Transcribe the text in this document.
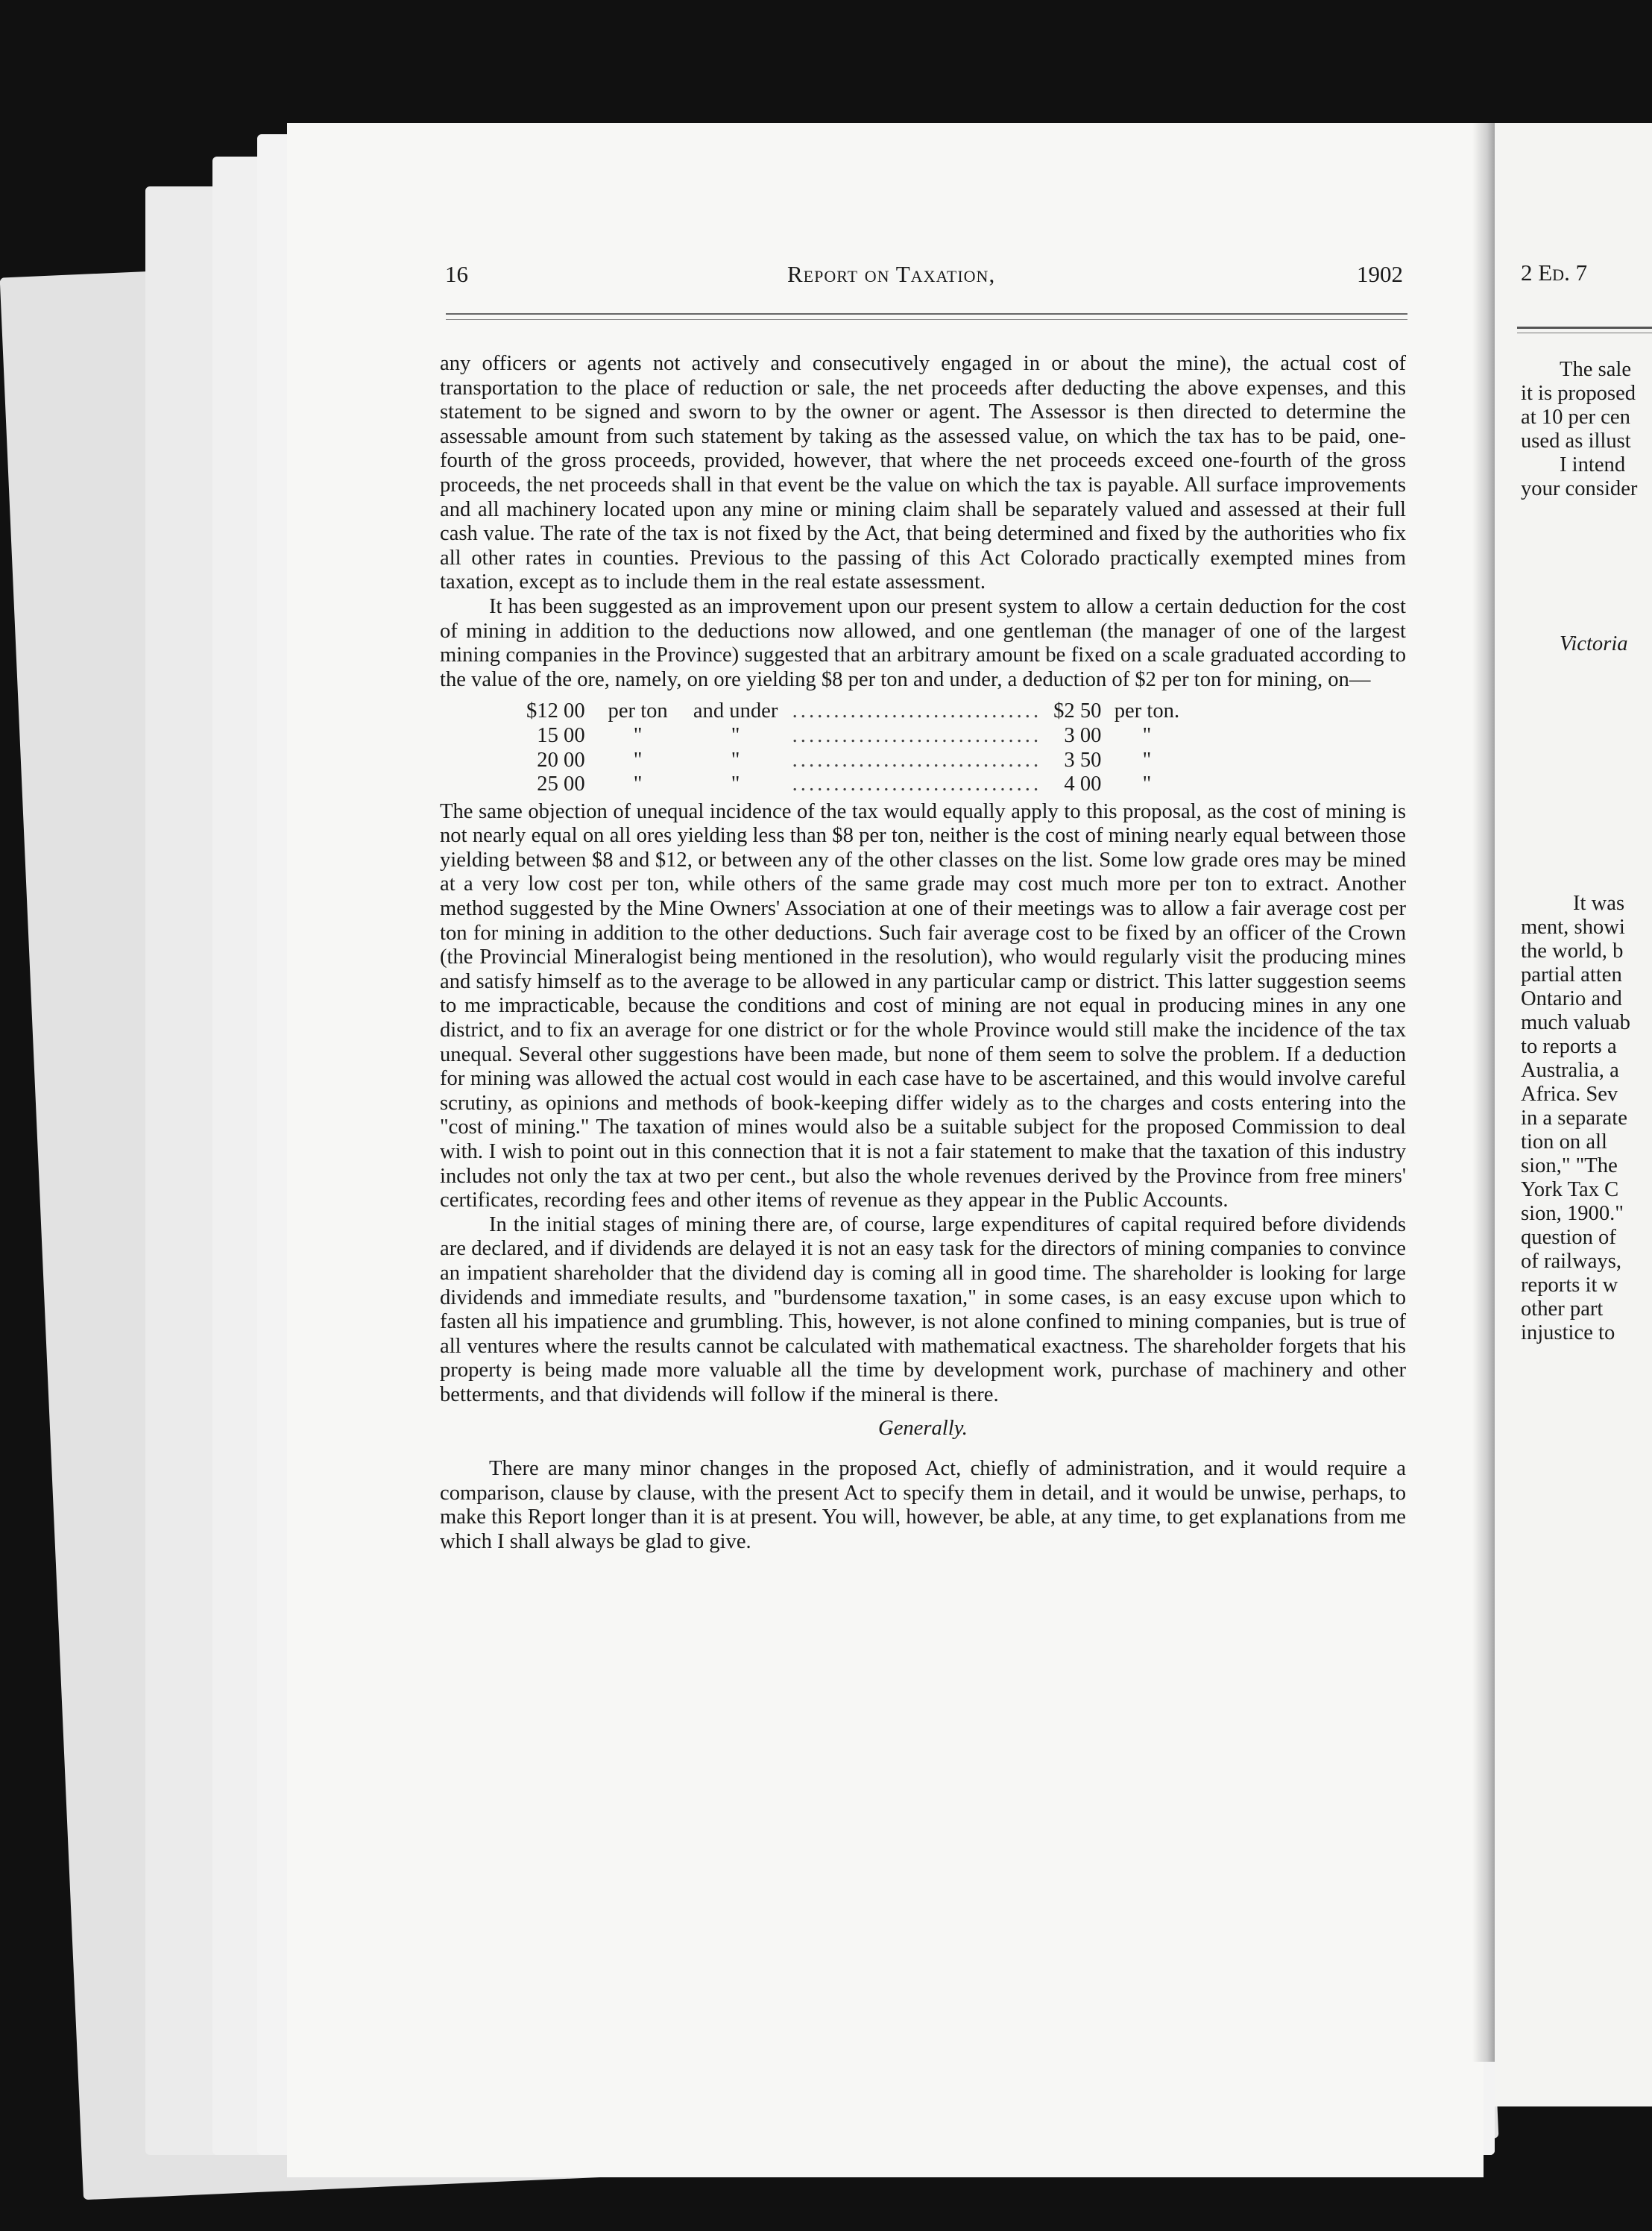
16	Report on Taxation,	1902

any officers or agents not actively and consecutively engaged in or about the mine), the actual cost of transportation to the place of reduction or sale, the net proceeds after deducting the above expenses, and this statement to be signed and sworn to by the owner or agent. The Assessor is then directed to determine the assessable amount from such statement by taking as the assessed value, on which the tax has to be paid, one-fourth of the gross proceeds, provided, however, that where the net proceeds exceed one-fourth of the gross proceeds, the net proceeds shall in that event be the value on which the tax is payable. All surface improvements and all machinery located upon any mine or mining claim shall be separately valued and assessed at their full cash value. The rate of the tax is not fixed by the Act, that being determined and fixed by the authorities who fix all other rates in counties. Previous to the passing of this Act Colorado practically exempted mines from taxation, except as to include them in the real estate assessment.

It has been suggested as an improvement upon our present system to allow a certain deduction for the cost of mining in addition to the deductions now allowed, and one gentleman (the manager of one of the largest mining companies in the Province) suggested that an arbitrary amount be fixed on a scale graduated according to the value of the ore, namely, on ore yielding $8 per ton and under, a deduction of $2 per ton for mining, on—

$12 00	per ton	and under	..............................	$2 50	per ton.
15 00	"	"	..............................	3 00	"
20 00	"	"	..............................	3 50	"
25 00	"	"	..............................	4 00	"

The same objection of unequal incidence of the tax would equally apply to this proposal, as the cost of mining is not nearly equal on all ores yielding less than $8 per ton, neither is the cost of mining nearly equal between those yielding between $8 and $12, or between any of the other classes on the list. Some low grade ores may be mined at a very low cost per ton, while others of the same grade may cost much more per ton to extract. Another method suggested by the Mine Owners' Association at one of their meetings was to allow a fair average cost per ton for mining in addition to the other deductions. Such fair average cost to be fixed by an officer of the Crown (the Provincial Mineralogist being mentioned in the resolution), who would regularly visit the producing mines and satisfy himself as to the average to be allowed in any particular camp or district. This latter suggestion seems to me impracticable, because the conditions and cost of mining are not equal in producing mines in any one district, and to fix an average for one district or for the whole Province would still make the incidence of the tax unequal. Several other suggestions have been made, but none of them seem to solve the problem. If a deduction for mining was allowed the actual cost would in each case have to be ascertained, and this would involve careful scrutiny, as opinions and methods of book-keeping differ widely as to the charges and costs entering into the "cost of mining." The taxation of mines would also be a suitable subject for the proposed Commission to deal with. I wish to point out in this connection that it is not a fair statement to make that the taxation of this industry includes not only the tax at two per cent., but also the whole revenues derived by the Province from free miners' certificates, recording fees and other items of revenue as they appear in the Public Accounts.

In the initial stages of mining there are, of course, large expenditures of capital required before dividends are declared, and if dividends are delayed it is not an easy task for the directors of mining companies to convince an impatient shareholder that the dividend day is coming all in good time. The shareholder is looking for large dividends and immediate results, and "burdensome taxation," in some cases, is an easy excuse upon which to fasten all his impatience and grumbling. This, however, is not alone confined to mining companies, but is true of all ventures where the results cannot be calculated with mathematical exactness. The shareholder forgets that his property is being made more valuable all the time by development work, purchase of machinery and other betterments, and that dividends will follow if the mineral is there.

Generally.

There are many minor changes in the proposed Act, chiefly of administration, and it would require a comparison, clause by clause, with the present Act to specify them in detail, and it would be unwise, perhaps, to make this Report longer than it is at present. You will, however, be able, at any time, to get explanations from me which I shall always be glad to give.

2 Ed. 7
The sale
it is proposed
at 10 per cen
used as illust
I intend
your consider
Victoria
It was
ment, showi
the world, b
partial atten
Ontario and
much valuab
to reports a
Australia, a
Africa. Sev
in a separate
tion on all
sion," "The
York Tax C
sion, 1900."
question of
of railways,
reports it w
other part
injustice to
